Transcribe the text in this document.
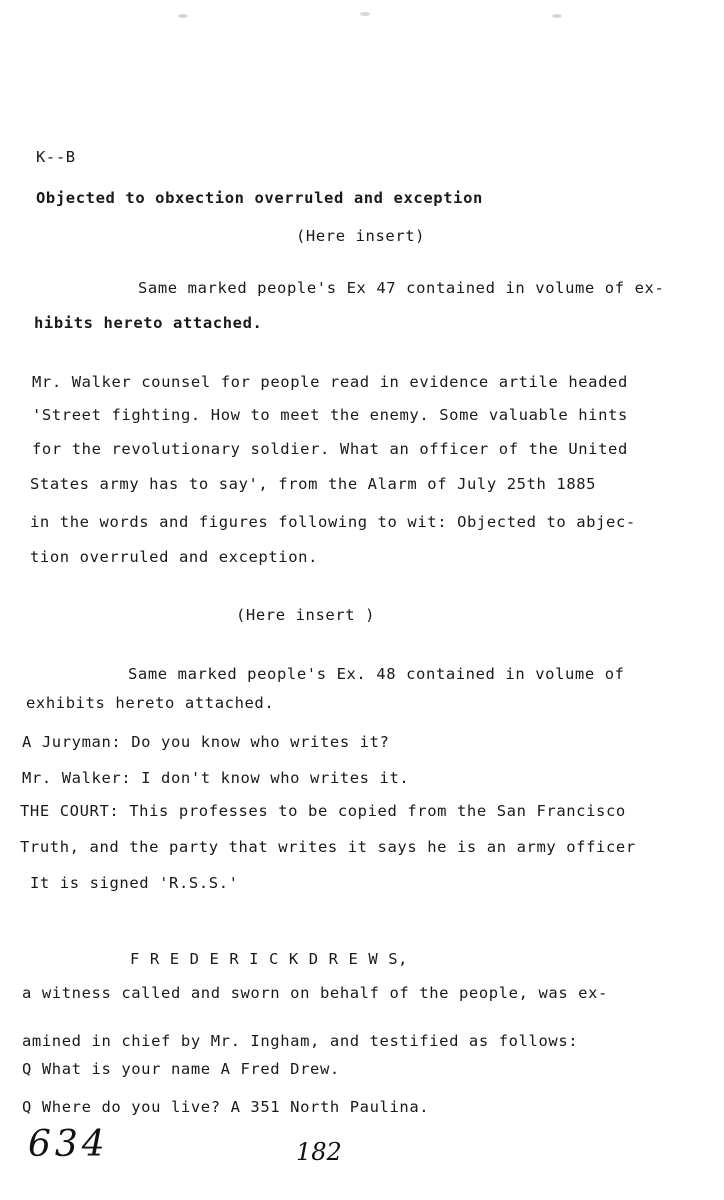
K--B
Objected to obxection overruled and exception
(Here insert)
Same marked people's Ex 47 contained in volume of ex-
hibits hereto attached.
Mr. Walker counsel for people read in evidence artile headed
'Street fighting. How to meet the enemy. Some valuable hints
for the revolutionary soldier. What an officer of the United
States army has to say', from the Alarm of July 25th 1885
in the words and figures following to wit: Objected to abjec-
tion overruled and exception.
(Here insert )
Same marked people's Ex. 48 contained in volume of
exhibits hereto attached.
A Juryman: Do you know who writes it?
Mr. Walker: I don't know who writes it.
THE COURT: This professes to be copied from the San Francisco
Truth, and the party that writes it says he is an army officer
It is signed 'R.S.S.'
F R E D E R I C K D R E W S,
a witness called and sworn on behalf of the people, was ex-
amined in chief by Mr. Ingham, and testified as follows:
Q What is your name A Fred Drew.
Q Where do you live? A 351 North Paulina.
634	182
